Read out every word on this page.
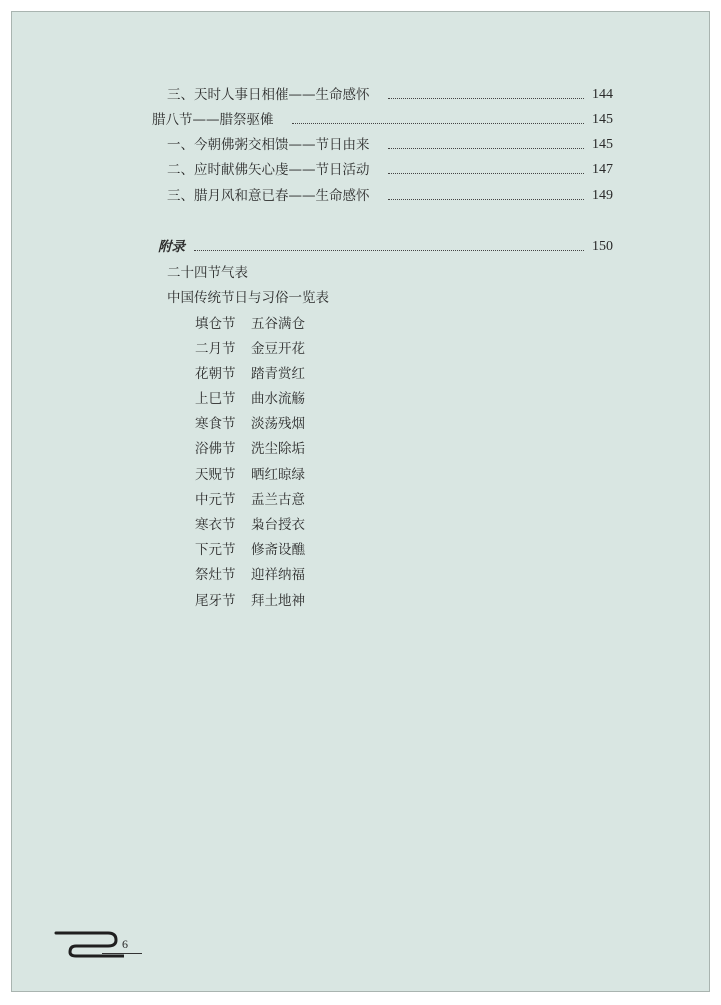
三、天时人事日相催——生命感怀	144
腊八节——腊祭驱傩	145
一、今朝佛粥交相馈——节日由来	145
二、应时献佛矢心虔——节日活动	147
三、腊月风和意已春——生命感怀	149
附录	150
二十四节气表
中国传统节日与习俗一览表
填仓节 五谷满仓
二月节 金豆开花
花朝节 踏青赏红
上巳节 曲水流觞
寒食节 淡荡残烟
浴佛节 洗尘除垢
天贶节 晒红晾绿
中元节 盂兰古意
寒衣节 枭台授衣
下元节 修斋设醮
祭灶节 迎祥纳福
尾牙节 拜土地神
6
